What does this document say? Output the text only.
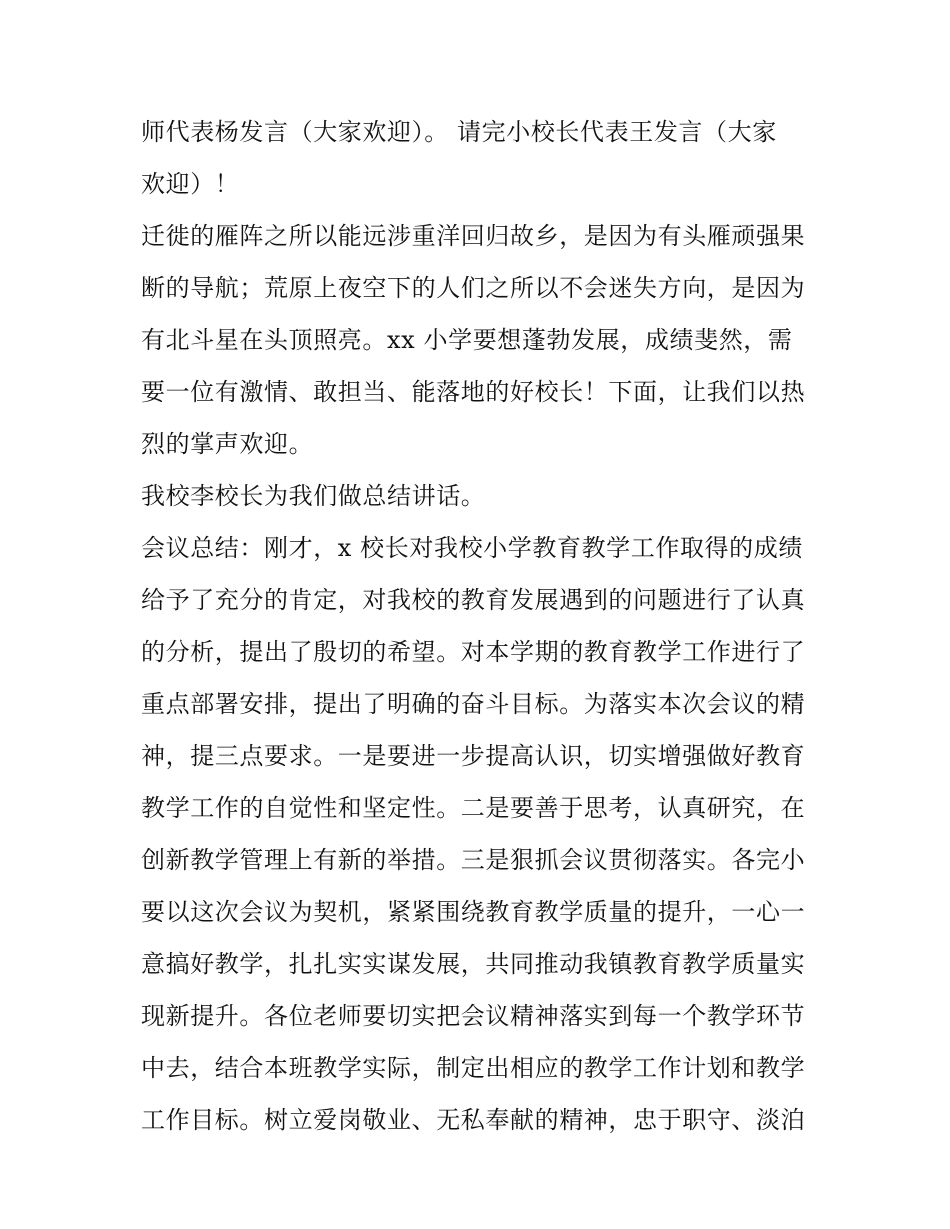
师代表杨发言（大家欢迎）。 请完小校长代表王发言（大家
欢迎）！
迁徙的雁阵之所以能远涉重洋回归故乡，是因为有头雁顽强果
断的导航；荒原上夜空下的人们之所以不会迷失方向，是因为
有北斗星在头顶照亮。xx 小学要想蓬勃发展，成绩斐然，需
要一位有激情、敢担当、能落地的好校长！下面，让我们以热
烈的掌声欢迎。
我校李校长为我们做总结讲话。
会议总结：刚才，x 校长对我校小学教育教学工作取得的成绩
给予了充分的肯定，对我校的教育发展遇到的问题进行了认真
的分析，提出了殷切的希望。对本学期的教育教学工作进行了
重点部署安排，提出了明确的奋斗目标。为落实本次会议的精
神，提三点要求。一是要进一步提高认识，切实增强做好教育
教学工作的自觉性和坚定性。二是要善于思考，认真研究，在
创新教学管理上有新的举措。三是狠抓会议贯彻落实。各完小
要以这次会议为契机，紧紧围绕教育教学质量的提升，一心一
意搞好教学，扎扎实实谋发展，共同推动我镇教育教学质量实
现新提升。各位老师要切实把会议精神落实到每一个教学环节
中去，结合本班教学实际，制定出相应的教学工作计划和教学
工作目标。树立爱岗敬业、无私奉献的精神，忠于职守、淡泊
